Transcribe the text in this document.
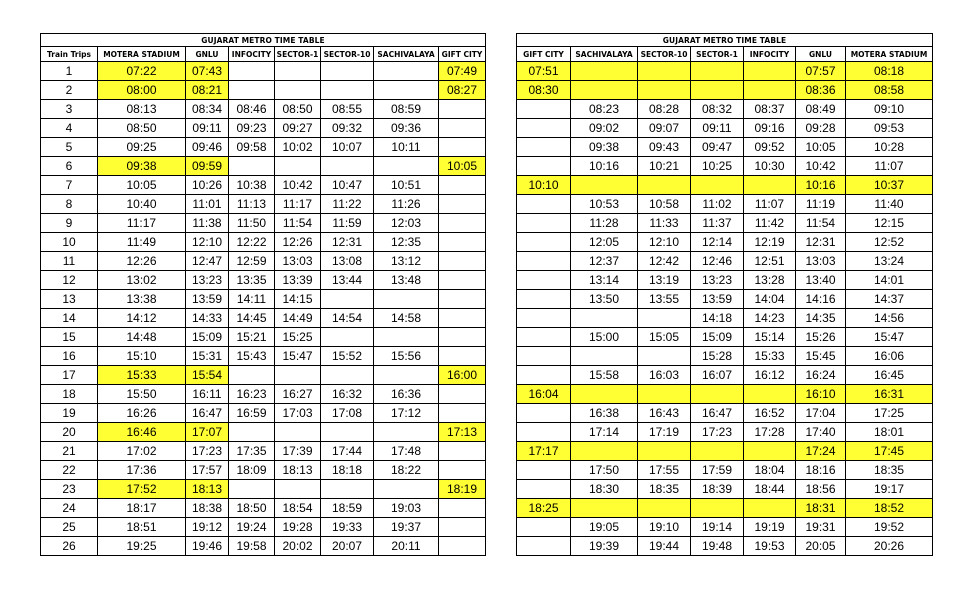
GUJARAT METRO TIME TABLE							
Train Trips	MOTERA STADIUM	GNLU	INFOCITY	SECTOR-1	SECTOR-10	SACHIVALAYA	GIFT CITY
1	07:22	07:43					07:49
2	08:00	08:21					08:27
3	08:13	08:34	08:46	08:50	08:55	08:59	
4	08:50	09:11	09:23	09:27	09:32	09:36	
5	09:25	09:46	09:58	10:02	10:07	10:11	
6	09:38	09:59					10:05
7	10:05	10:26	10:38	10:42	10:47	10:51	
8	10:40	11:01	11:13	11:17	11:22	11:26	
9	11:17	11:38	11:50	11:54	11:59	12:03	
10	11:49	12:10	12:22	12:26	12:31	12:35	
11	12:26	12:47	12:59	13:03	13:08	13:12	
12	13:02	13:23	13:35	13:39	13:44	13:48	
13	13:38	13:59	14:11	14:15			
14	14:12	14:33	14:45	14:49	14:54	14:58	
15	14:48	15:09	15:21	15:25			
16	15:10	15:31	15:43	15:47	15:52	15:56	
17	15:33	15:54					16:00
18	15:50	16:11	16:23	16:27	16:32	16:36	
19	16:26	16:47	16:59	17:03	17:08	17:12	
20	16:46	17:07					17:13
21	17:02	17:23	17:35	17:39	17:44	17:48	
22	17:36	17:57	18:09	18:13	18:18	18:22	
23	17:52	18:13					18:19
24	18:17	18:38	18:50	18:54	18:59	19:03	
25	18:51	19:12	19:24	19:28	19:33	19:37	
26	19:25	19:46	19:58	20:02	20:07	20:11	
GUJARAT METRO TIME TABLE						
GIFT CITY	SACHIVALAYA	SECTOR-10	SECTOR-1	INFOCITY	GNLU	MOTERA STADIUM
07:51					07:57	08:18
08:30					08:36	08:58
	08:23	08:28	08:32	08:37	08:49	09:10
	09:02	09:07	09:11	09:16	09:28	09:53
	09:38	09:43	09:47	09:52	10:05	10:28
	10:16	10:21	10:25	10:30	10:42	11:07
10:10					10:16	10:37
	10:53	10:58	11:02	11:07	11:19	11:40
	11:28	11:33	11:37	11:42	11:54	12:15
	12:05	12:10	12:14	12:19	12:31	12:52
	12:37	12:42	12:46	12:51	13:03	13:24
	13:14	13:19	13:23	13:28	13:40	14:01
	13:50	13:55	13:59	14:04	14:16	14:37
			14:18	14:23	14:35	14:56
	15:00	15:05	15:09	15:14	15:26	15:47
			15:28	15:33	15:45	16:06
	15:58	16:03	16:07	16:12	16:24	16:45
16:04					16:10	16:31
	16:38	16:43	16:47	16:52	17:04	17:25
	17:14	17:19	17:23	17:28	17:40	18:01
17:17					17:24	17:45
	17:50	17:55	17:59	18:04	18:16	18:35
	18:30	18:35	18:39	18:44	18:56	19:17
18:25					18:31	18:52
	19:05	19:10	19:14	19:19	19:31	19:52
	19:39	19:44	19:48	19:53	20:05	20:26
